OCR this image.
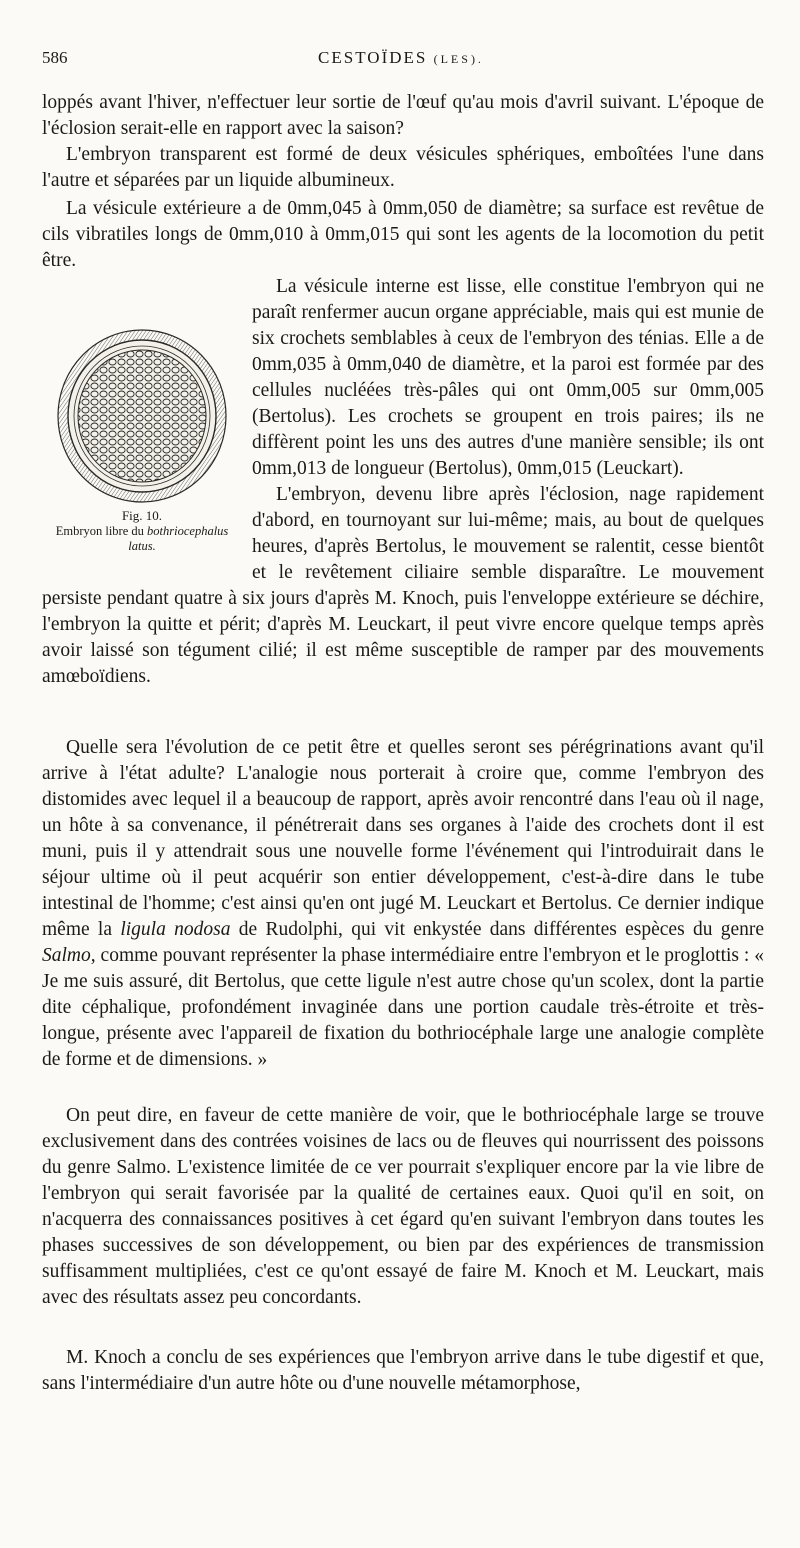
586	CESTOÏDES (LES).

loppés avant l'hiver, n'effectuer leur sortie de l'œuf qu'au mois d'avril suivant. L'époque de l'éclosion serait-elle en rapport avec la saison?

L'embryon transparent est formé de deux vésicules sphériques, emboîtées l'une dans l'autre et séparées par un liquide albumineux.

La vésicule extérieure a de 0mm,045 à 0mm,050 de diamètre; sa surface est revêtue de cils vibratiles longs de 0mm,010 à 0mm,015 qui sont les agents de la locomotion du petit être.

Fig. 10.
Embryon libre du bothriocephalus latus.

La vésicule interne est lisse, elle constitue l'embryon qui ne paraît renfermer aucun organe appréciable, mais qui est munie de six crochets semblables à ceux de l'embryon des ténias. Elle a de 0mm,035 à 0mm,040 de diamètre, et la paroi est formée par des cellules nucléées très-pâles qui ont 0mm,005 sur 0mm,005 (Bertolus). Les crochets se groupent en trois paires; ils ne diffèrent point les uns des autres d'une manière sensible; ils ont 0mm,013 de longueur (Bertolus), 0mm,015 (Leuckart).

L'embryon, devenu libre après l'éclosion, nage rapidement d'abord, en tournoyant sur lui-même; mais, au bout de quelques heures, d'après Bertolus, le mouvement se ralentit, cesse bientôt et le revêtement ciliaire semble disparaître. Le mouvement persiste pendant quatre à six jours d'après M. Knoch, puis l'enveloppe extérieure se déchire, l'embryon la quitte et périt; d'après M. Leuckart, il peut vivre encore quelque temps après avoir laissé son tégument cilié; il est même susceptible de ramper par des mouvements amœboïdiens.

Quelle sera l'évolution de ce petit être et quelles seront ses pérégrinations avant qu'il arrive à l'état adulte? L'analogie nous porterait à croire que, comme l'embryon des distomides avec lequel il a beaucoup de rapport, après avoir rencontré dans l'eau où il nage, un hôte à sa convenance, il pénétrerait dans ses organes à l'aide des crochets dont il est muni, puis il y attendrait sous une nouvelle forme l'événement qui l'introduirait dans le séjour ultime où il peut acquérir son entier développement, c'est-à-dire dans le tube intestinal de l'homme; c'est ainsi qu'en ont jugé M. Leuckart et Bertolus. Ce dernier indique même la ligula nodosa de Rudolphi, qui vit enkystée dans différentes espèces du genre Salmo, comme pouvant représenter la phase intermédiaire entre l'embryon et le proglottis : « Je me suis assuré, dit Bertolus, que cette ligule n'est autre chose qu'un scolex, dont la partie dite céphalique, profondément invaginée dans une portion caudale très-étroite et très-longue, présente avec l'appareil de fixation du bothriocéphale large une analogie complète de forme et de dimensions. »

On peut dire, en faveur de cette manière de voir, que le bothriocéphale large se trouve exclusivement dans des contrées voisines de lacs ou de fleuves qui nourrissent des poissons du genre Salmo. L'existence limitée de ce ver pourrait s'expliquer encore par la vie libre de l'embryon qui serait favorisée par la qualité de certaines eaux. Quoi qu'il en soit, on n'acquerra des connaissances positives à cet égard qu'en suivant l'embryon dans toutes les phases successives de son développement, ou bien par des expériences de transmission suffisamment multipliées, c'est ce qu'ont essayé de faire M. Knoch et M. Leuckart, mais avec des résultats assez peu concordants.

M. Knoch a conclu de ses expériences que l'embryon arrive dans le tube digestif et que, sans l'intermédiaire d'un autre hôte ou d'une nouvelle métamorphose,
